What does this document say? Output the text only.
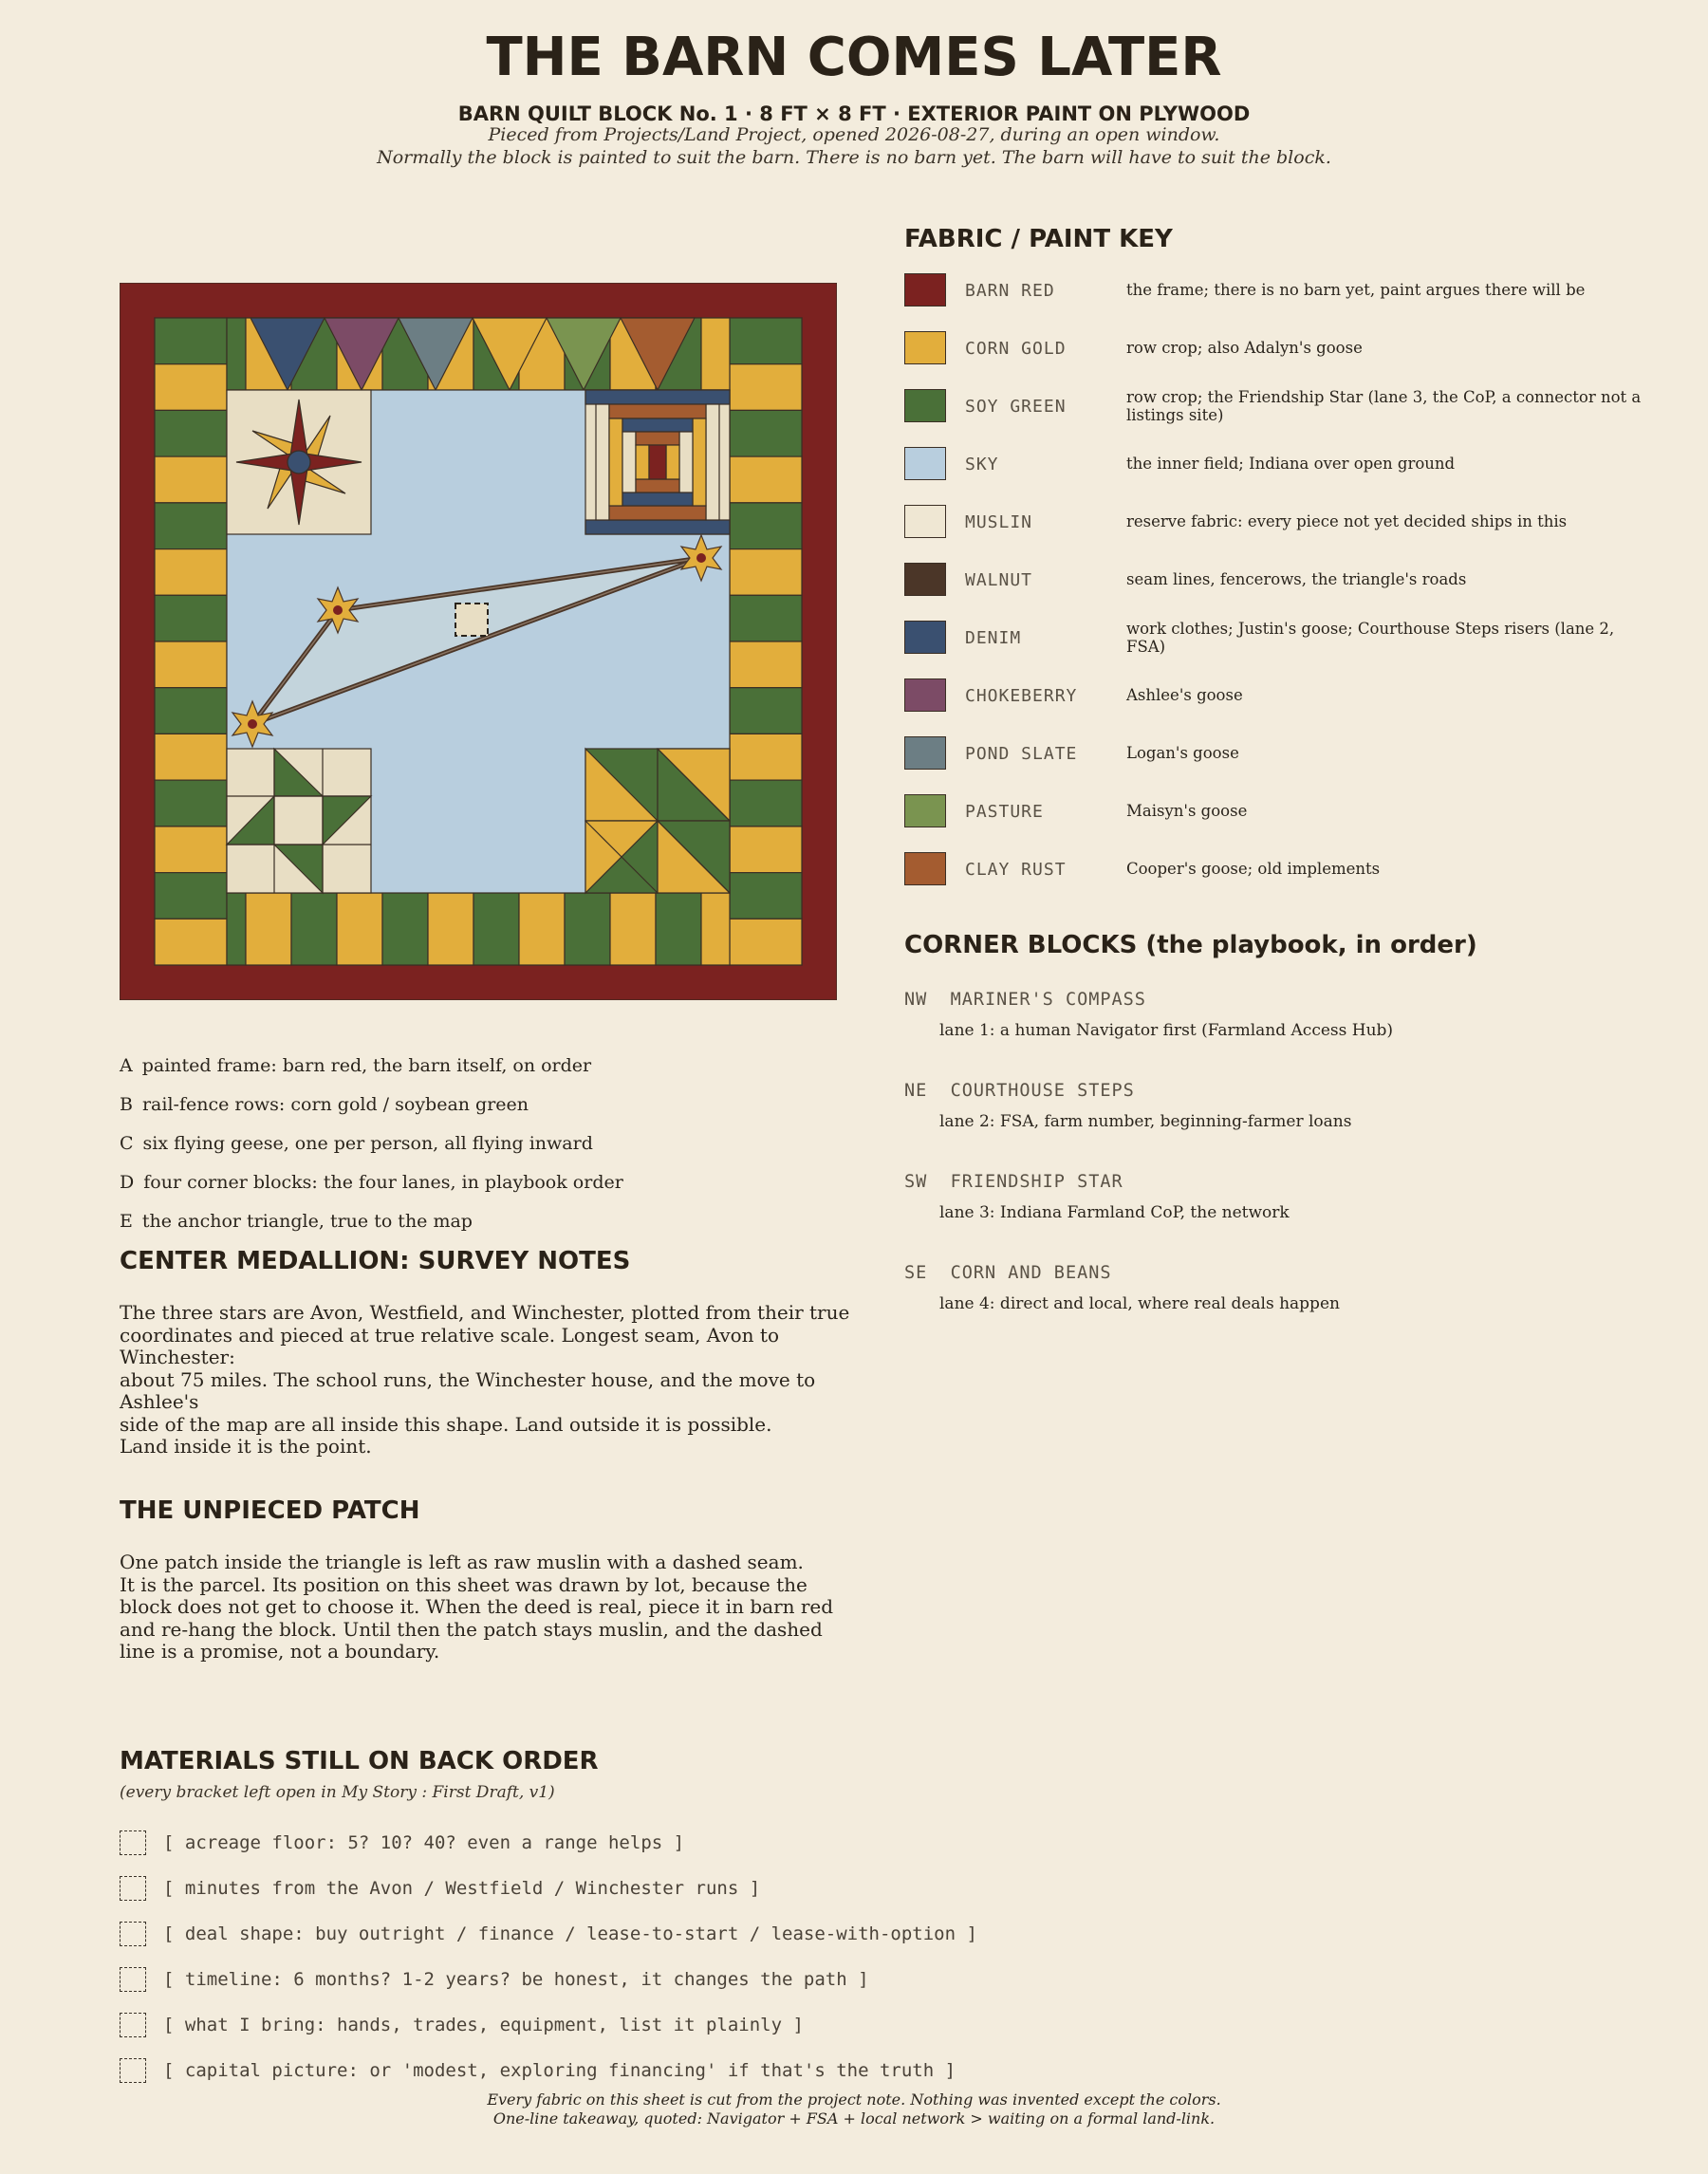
THE BARN COMES LATER
BARN QUILT BLOCK No. 1 · 8 FT × 8 FT · EXTERIOR PAINT ON PLYWOOD
Pieced from Projects/Land Project, opened 2026-08-27, during an open window.
Normally the block is painted to suit the barn. There is no barn yet. The barn will have to suit the block.
A painted frame: barn red, the barn itself, on order
B rail-fence rows: corn gold / soybean green
C six flying geese, one per person, all flying inward
D four corner blocks: the four lanes, in playbook order
E the anchor triangle, true to the map
CENTER MEDALLION: SURVEY NOTES
The three stars are Avon, Westfield, and Winchester, plotted from their true
coordinates and pieced at true relative scale. Longest seam, Avon to Winchester:
about 75 miles. The school runs, the Winchester house, and the move to Ashlee's
side of the map are all inside this shape. Land outside it is possible.
Land inside it is the point.
THE UNPIECED PATCH
One patch inside the triangle is left as raw muslin with a dashed seam.
It is the parcel. Its position on this sheet was drawn by lot, because the
block does not get to choose it. When the deed is real, piece it in barn red
and re-hang the block. Until then the patch stays muslin, and the dashed
line is a promise, not a boundary.
MATERIALS STILL ON BACK ORDER
(every bracket left open in My Story : First Draft, v1)
[ acreage floor: 5? 10? 40? even a range helps ]
[ minutes from the Avon / Westfield / Winchester runs ]
[ deal shape: buy outright / finance / lease-to-start / lease-with-option ]
[ timeline: 6 months? 1-2 years? be honest, it changes the path ]
[ what I bring: hands, trades, equipment, list it plainly ]
[ capital picture: or 'modest, exploring financing' if that's the truth ]
FABRIC / PAINT KEY
BARN RED	the frame; there is no barn yet, paint argues there will be
CORN GOLD	row crop; also Adalyn's goose
SOY GREEN	row crop; the Friendship Star (lane 3, the CoP, a connector not a listings site)
SKY	the inner field; Indiana over open ground
MUSLIN	reserve fabric: every piece not yet decided ships in this
WALNUT	seam lines, fencerows, the triangle's roads
DENIM	work clothes; Justin's goose; Courthouse Steps risers (lane 2, FSA)
CHOKEBERRY	Ashlee's goose
POND SLATE	Logan's goose
PASTURE	Maisyn's goose
CLAY RUST	Cooper's goose; old implements
CORNER BLOCKS (the playbook, in order)
NW MARINER'S COMPASS
lane 1: a human Navigator first (Farmland Access Hub)
NE COURTHOUSE STEPS
lane 2: FSA, farm number, beginning-farmer loans
SW FRIENDSHIP STAR
lane 3: Indiana Farmland CoP, the network
SE CORN AND BEANS
lane 4: direct and local, where real deals happen
Every fabric on this sheet is cut from the project note. Nothing was invented except the colors.
One-line takeaway, quoted: Navigator + FSA + local network > waiting on a formal land-link.
